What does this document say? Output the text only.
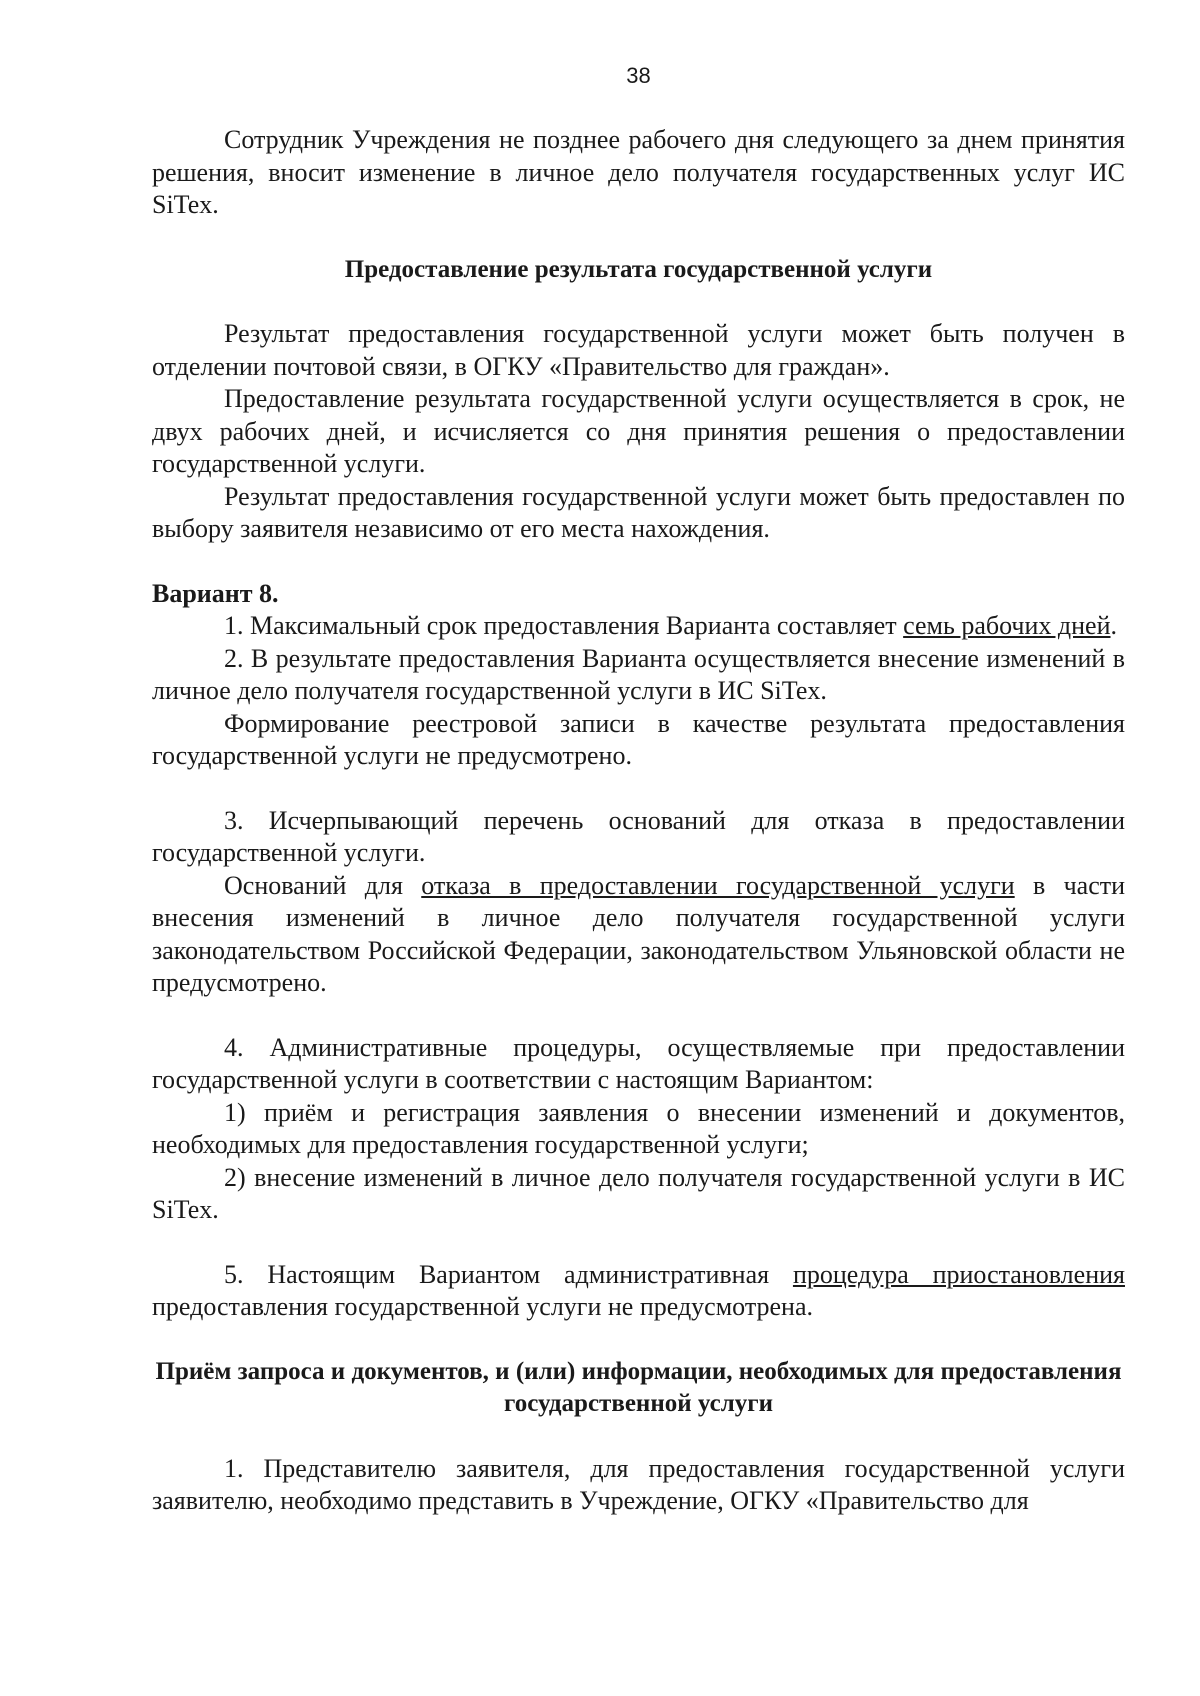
38

Сотрудник Учреждения не позднее рабочего дня следующего за днем принятия решения, вносит изменение в личное дело получателя государственных услуг ИС SiTex.

Предоставление результата государственной услуги

Результат предоставления государственной услуги может быть получен в отделении почтовой связи, в ОГКУ «Правительство для граждан».

Предоставление результата государственной услуги осуществляется в срок, не двух рабочих дней, и исчисляется со дня принятия решения о предоставлении государственной услуги.

Результат предоставления государственной услуги может быть предоставлен по выбору заявителя независимо от его места нахождения.

Вариант 8.

1. Максимальный срок предоставления Варианта составляет семь рабочих дней.

2. В результате предоставления Варианта осуществляется внесение изменений в личное дело получателя государственной услуги в ИС SiTex.

Формирование реестровой записи в качестве результата предоставления государственной услуги не предусмотрено.

3. Исчерпывающий перечень оснований для отказа в предоставлении государственной услуги.

Оснований для отказа в предоставлении государственной услуги в части внесения изменений в личное дело получателя государственной услуги законодательством Российской Федерации, законодательством Ульяновской области не предусмотрено.

4. Административные процедуры, осуществляемые при предоставлении государственной услуги в соответствии с настоящим Вариантом:

1) приём и регистрация заявления о внесении изменений и документов, необходимых для предоставления государственной услуги;

2) внесение изменений в личное дело получателя государственной услуги в ИС SiTex.

5. Настоящим Вариантом административная процедура приостановления предоставления государственной услуги не предусмотрена.

Приём запроса и документов, и (или) информации, необходимых для предоставления государственной услуги

1. Представителю заявителя, для предоставления государственной услуги заявителю, необходимо представить в Учреждение, ОГКУ «Правительство для
